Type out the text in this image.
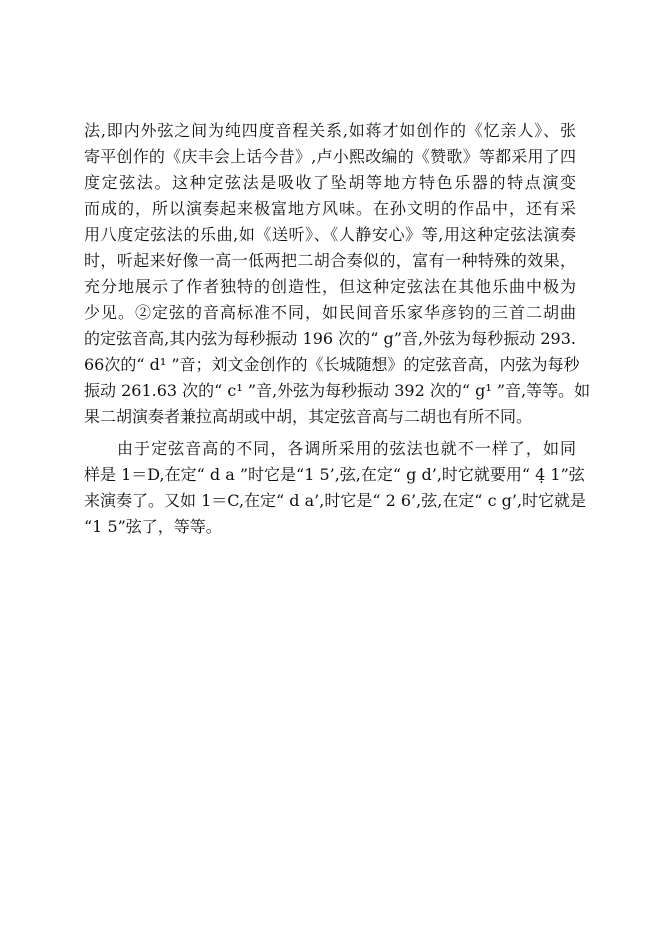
法,即内外弦之间为纯四度音程关系,如蒋才如创作的《忆亲人》、张
寄平创作的《庆丰会上话今昔》,卢小熙改编的《赞歌》等都采用了四
度定弦法。这种定弦法是吸收了坠胡等地方特色乐器的特点演变
而成的，所以演奏起来极富地方风味。在孙文明的作品中，还有采
用八度定弦法的乐曲,如《送听》、《人静安心》等,用这种定弦法演奏
时，听起来好像一高一低两把二胡合奏似的，富有一种特殊的效果，
充分地展示了作者独特的创造性，但这种定弦法在其他乐曲中极为
少见。②定弦的音高标准不同，如民间音乐家华彦钧的三首二胡曲
的定弦音高,其内弦为每秒振动 196 次的“ g”音,外弦为每秒振动 293.
66次的“ d¹ ”音；刘文金创作的《长城随想》的定弦音高，内弦为每秒
振动 261.63 次的“ c¹ ”音,外弦为每秒振动 392 次的“ g¹ ”音,等等。如
果二胡演奏者兼拉高胡或中胡，其定弦音高与二胡也有所不同。
由于定弦音高的不同，各调所采用的弦法也就不一样了，如同
样是 1＝D,在定“ d a ”时它是“1 5’,弦,在定“ g d’,时它就要用“ 4̣ 1”弦
来演奏了。又如 1＝C,在定“ d a’,时它是“ 2 6’,弦,在定“ c g’,时它就是
“1 5”弦了，等等。
